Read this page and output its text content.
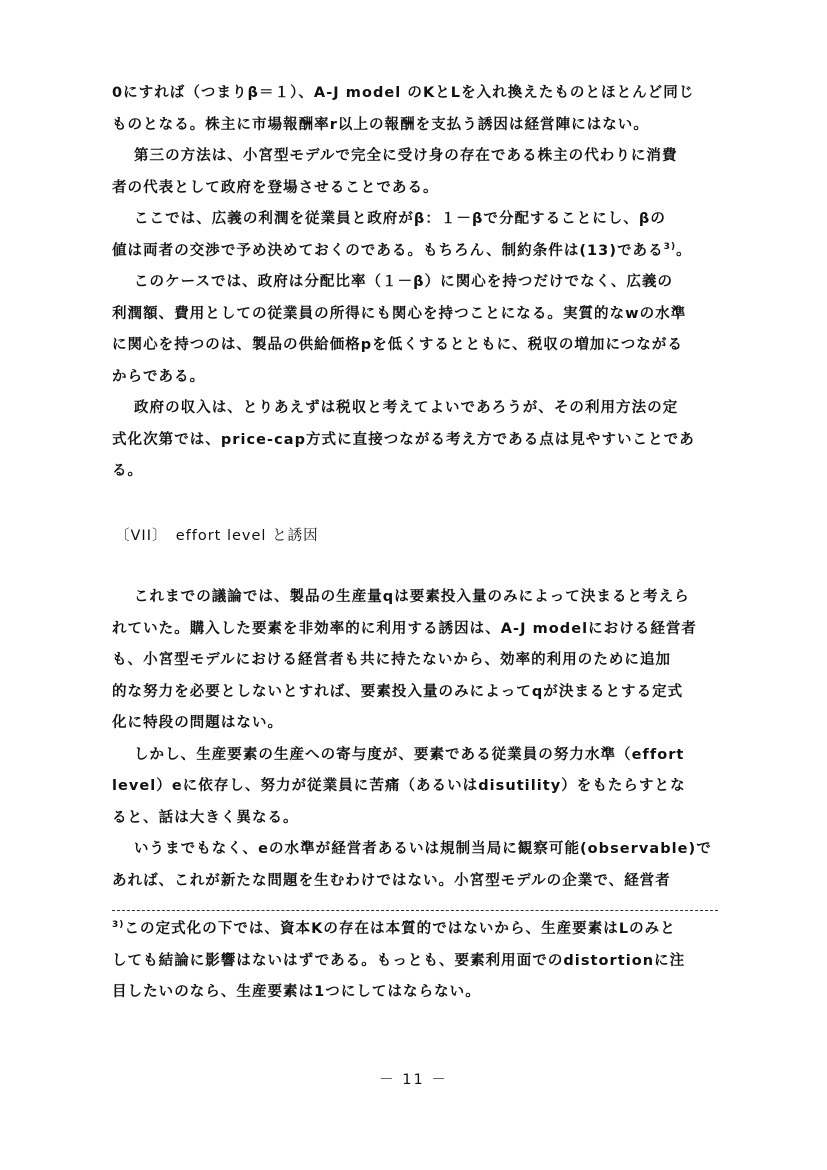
0にすれば（つまりβ＝１）、A-J model のKとLを入れ換えたものとほとんど同じ
ものとなる。株主に市場報酬率r以上の報酬を支払う誘因は経営陣にはない。
第三の方法は、小宮型モデルで完全に受け身の存在である株主の代わりに消費
者の代表として政府を登場させることである。
ここでは、広義の利潤を従業員と政府がβ：１－βで分配することにし、βの
値は両者の交渉で予め決めておくのである。もちろん、制約条件は(13)である$^{3)}$。
このケースでは、政府は分配比率（１－β）に関心を持つだけでなく、広義の
利潤額、費用としての従業員の所得にも関心を持つことになる。実質的なwの水準
に関心を持つのは、製品の供給価格pを低くするとともに、税収の増加につながる
からである。
政府の収入は、とりあえずは税収と考えてよいであろうが、その利用方法の定
式化次第では、price-cap方式に直接つながる考え方である点は見やすいことであ
る。
〔VII〕　effort level と誘因
これまでの議論では、製品の生産量qは要素投入量のみによって決まると考えら
れていた。購入した要素を非効率的に利用する誘因は、A-J modelにおける経営者
も、小宮型モデルにおける経営者も共に持たないから、効率的利用のために追加
的な努力を必要としないとすれば、要素投入量のみによってqが決まるとする定式
化に特段の問題はない。
しかし、生産要素の生産への寄与度が、要素である従業員の努力水準（effort
level）eに依存し、努力が従業員に苦痛（あるいはdisutility）をもたらすとな
ると、話は大きく異なる。
いうまでもなく、eの水準が経営者あるいは規制当局に観察可能(observable)で
あれば、これが新たな問題を生むわけではない。小宮型モデルの企業で、経営者
$^{3)}$この定式化の下では、資本Kの存在は本質的ではないから、生産要素はLのみと
しても結論に影響はないはずである。もっとも、要素利用面でのdistortionに注
目したいのなら、生産要素は1つにしてはならない。
－ 11 －
